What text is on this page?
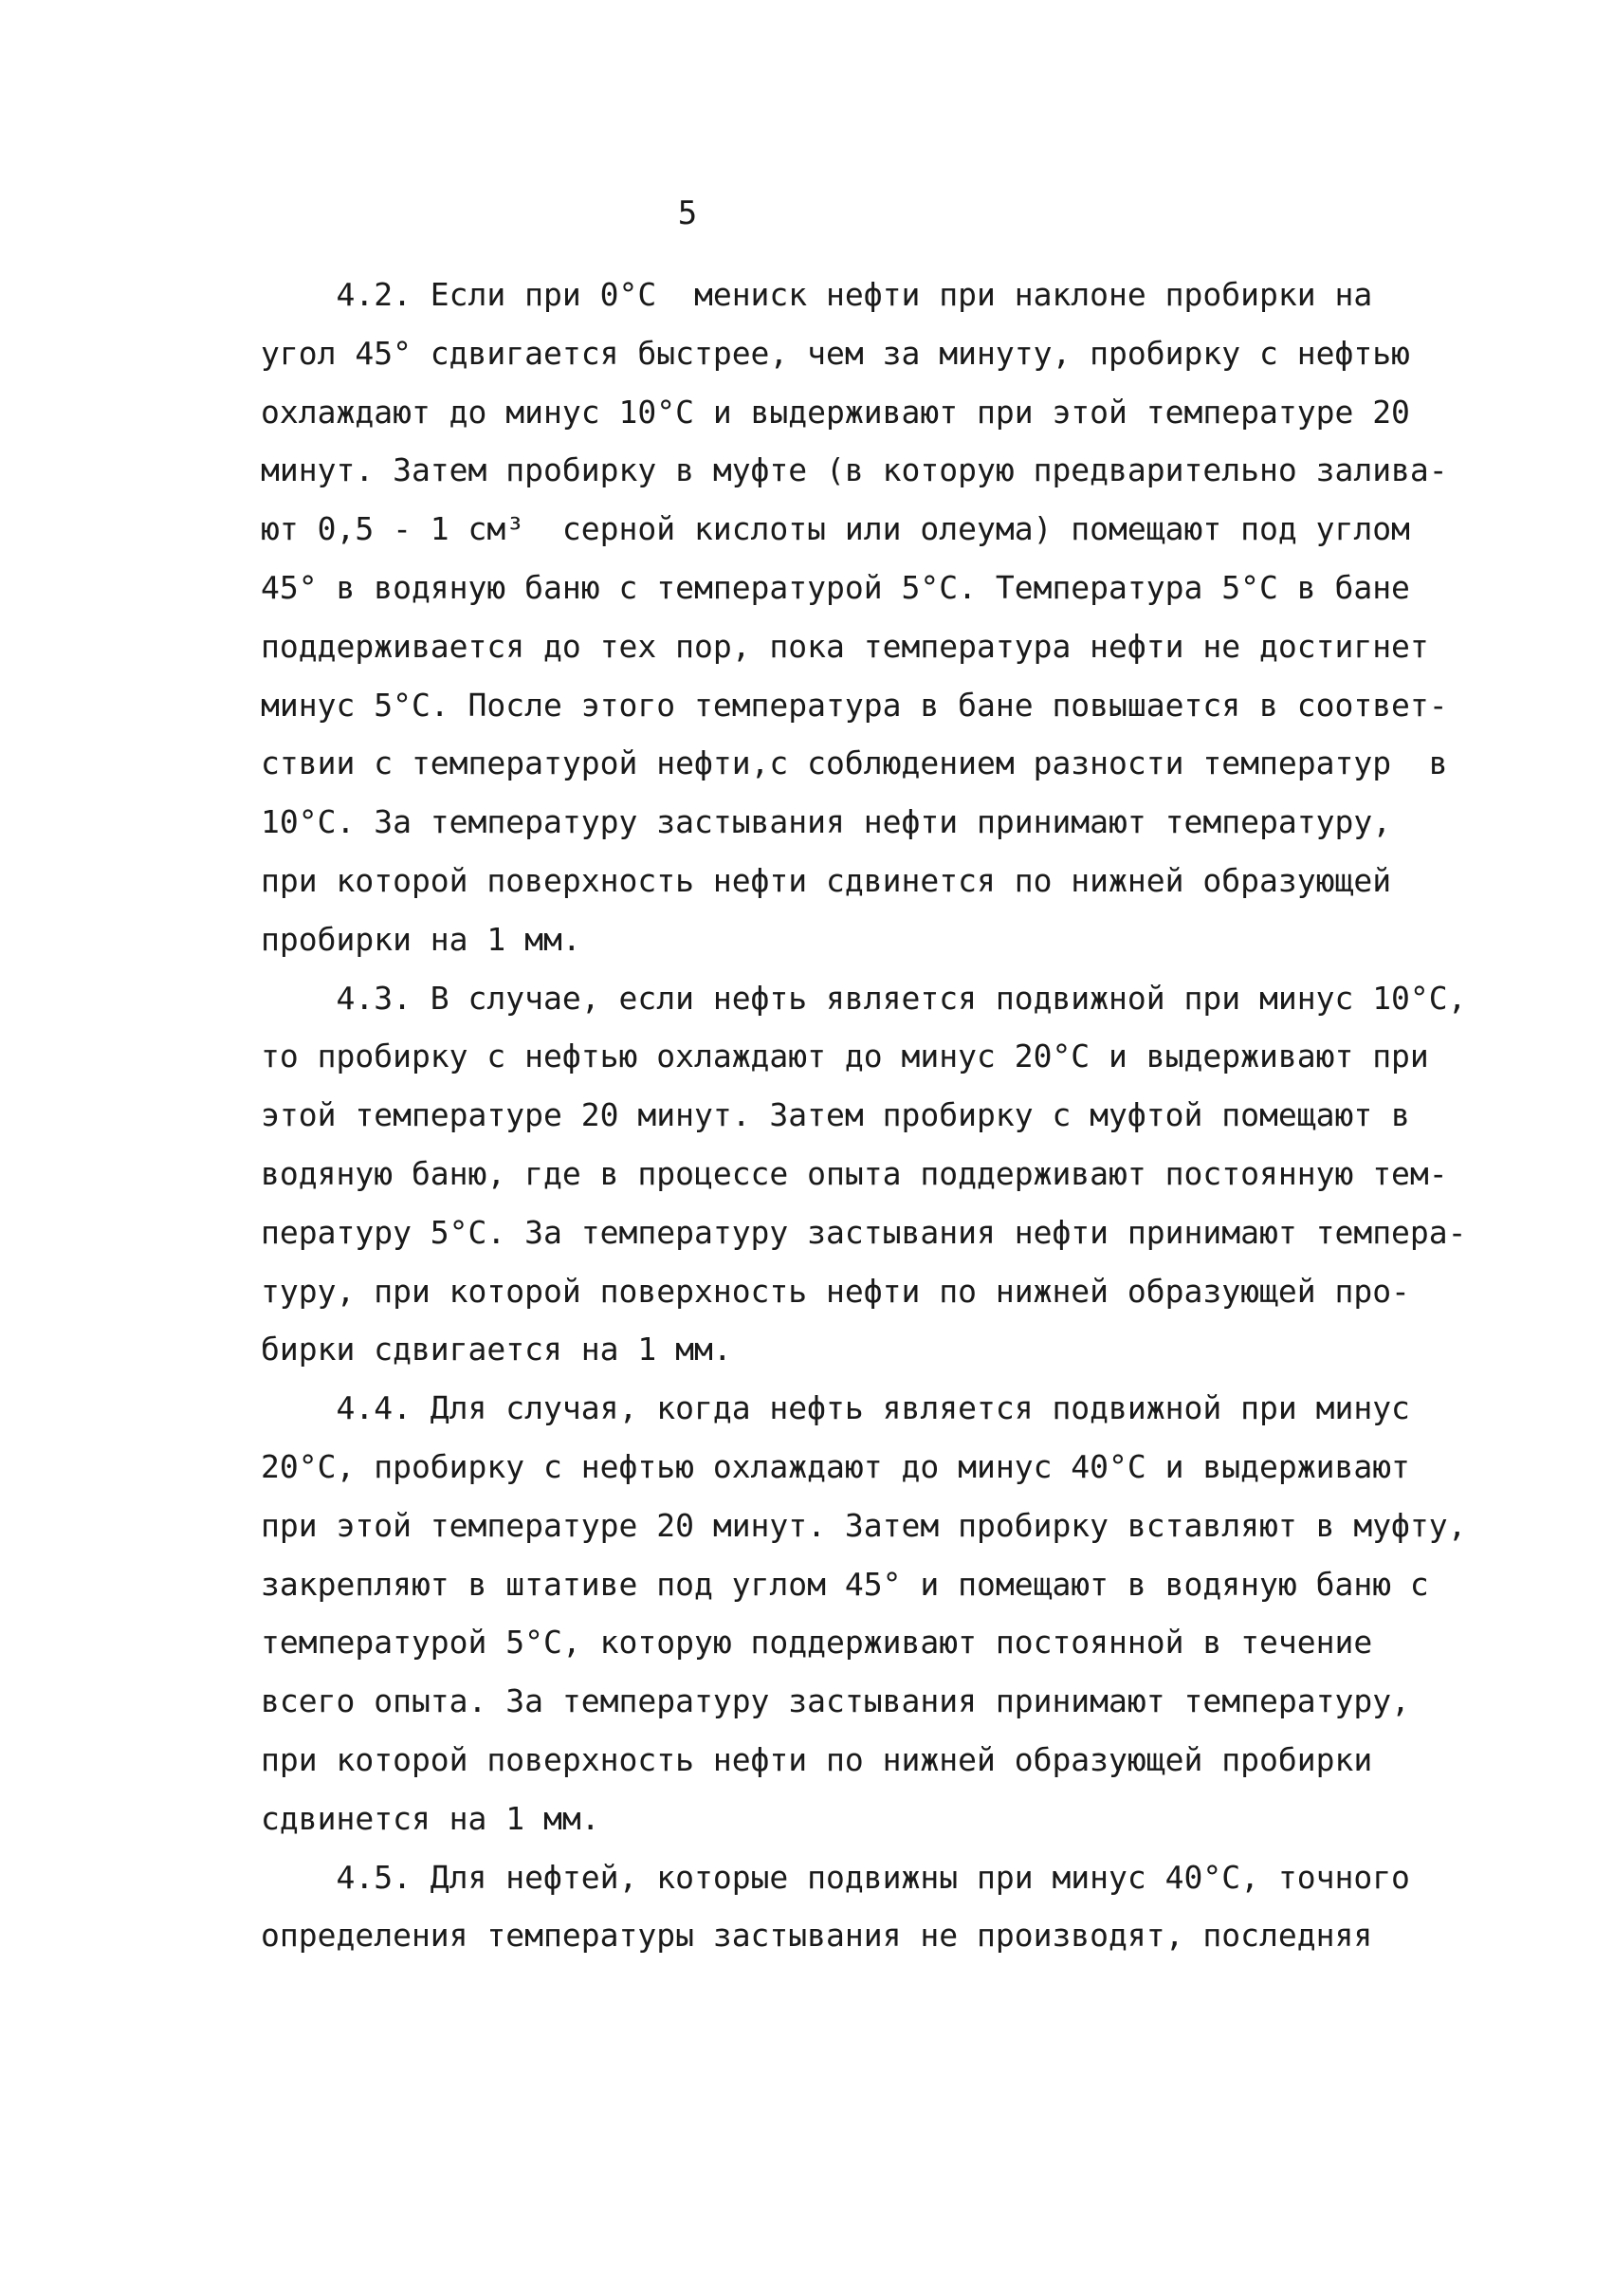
5
4.2. Если при 0°C  мениск нефти при наклоне пробирки на
угол 45° сдвигается быстрее, чем за минуту, пробирку с нефтью
охлаждают до минус 10°C и выдерживают при этой температуре 20
минут. Затем пробирку в муфте (в которую предварительно залива-
ют 0,5 - 1 см³  серной кислоты или олеума) помещают под углом
45° в водяную баню с температурой 5°C. Температура 5°C в бане
поддерживается до тех пор, пока температура нефти не достигнет
минус 5°C. После этого температура в бане повышается в соответ-
ствии с температурой нефти,с соблюдением разности температур  в
10°C. За температуру застывания нефти принимают температуру,
при которой поверхность нефти сдвинется по нижней образующей
пробирки на 1 мм.
4.3. В случае, если нефть является подвижной при минус 10°C,
то пробирку с нефтью охлаждают до минус 20°C и выдерживают при
этой температуре 20 минут. Затем пробирку с муфтой помещают в
водяную баню, где в процессе опыта поддерживают постоянную тем-
пературу 5°C. За температуру застывания нефти принимают темпера-
туру, при которой поверхность нефти по нижней образующей про-
бирки сдвигается на 1 мм.
4.4. Для случая, когда нефть является подвижной при минус
20°C, пробирку с нефтью охлаждают до минус 40°C и выдерживают
при этой температуре 20 минут. Затем пробирку вставляют в муфту,
закрепляют в штативе под углом 45° и помещают в водяную баню с
температурой 5°C, которую поддерживают постоянной в течение
всего опыта. За температуру застывания принимают температуру,
при которой поверхность нефти по нижней образующей пробирки
сдвинется на 1 мм.
4.5. Для нефтей, которые подвижны при минус 40°C, точного
определения температуры застывания не производят, последняя
